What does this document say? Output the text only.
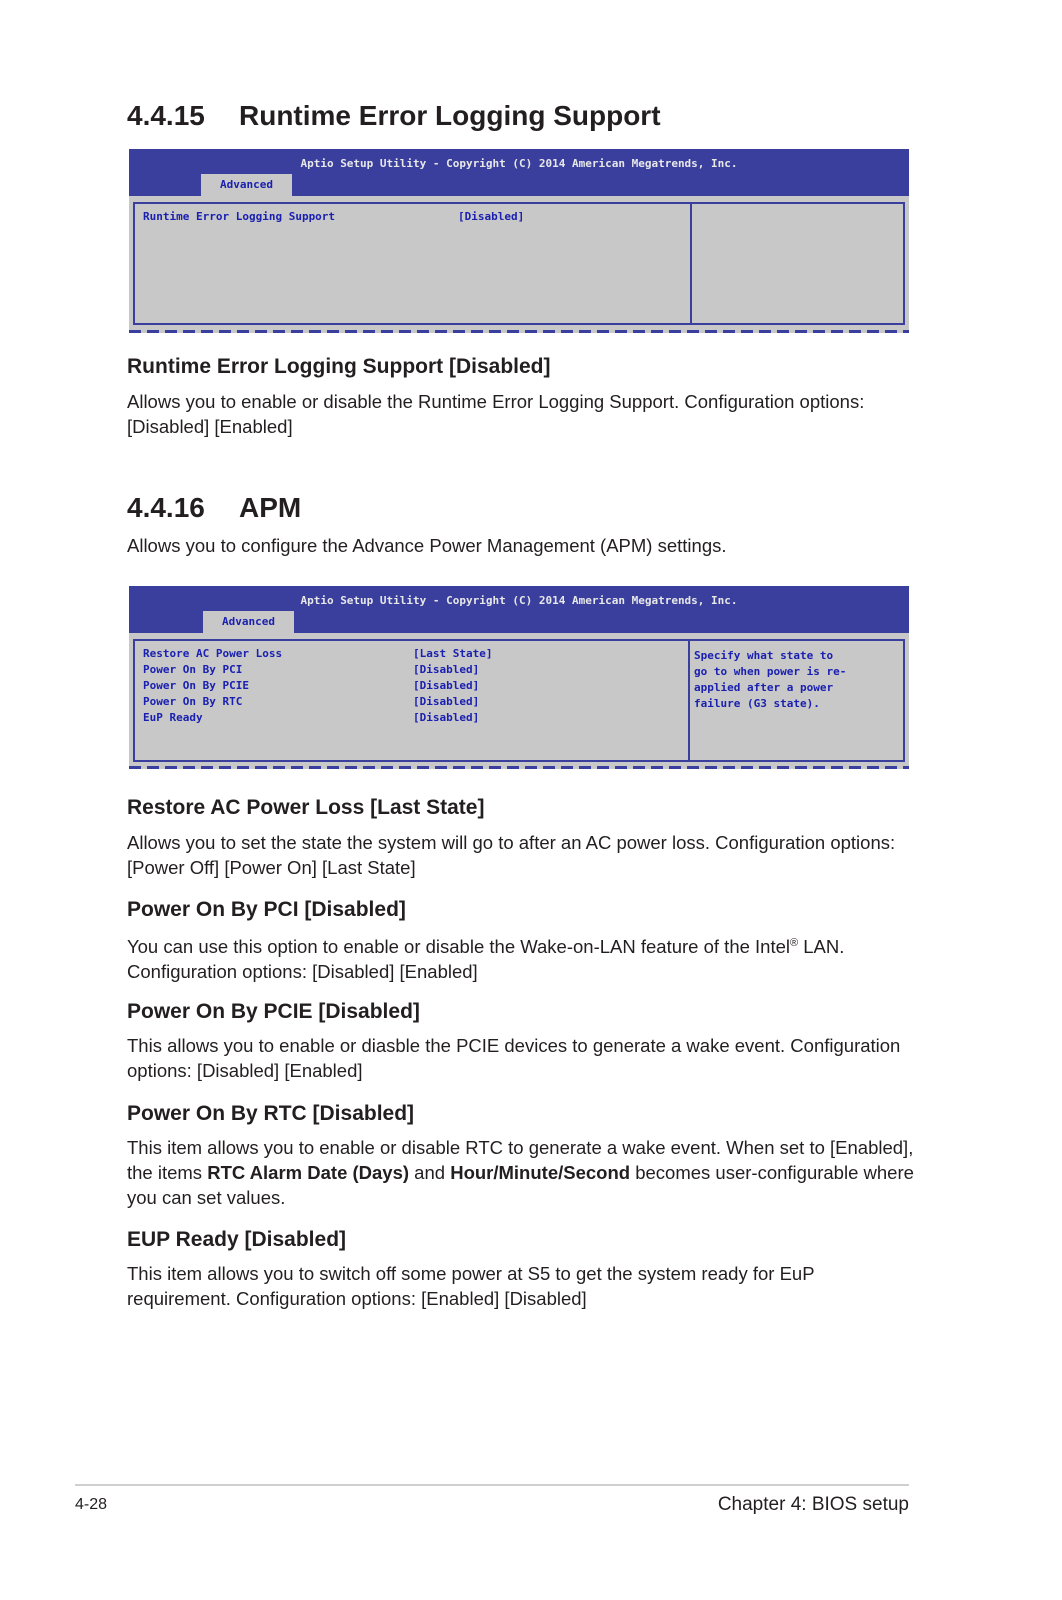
4.4.15 Runtime Error Logging Support
Aptio Setup Utility - Copyright (C) 2014 American Megatrends, Inc.
Advanced
Runtime Error Logging Support	[Disabled]
Runtime Error Logging Support [Disabled]

Allows you to enable or disable the Runtime Error Logging Support. Configuration options: [Disabled] [Enabled]

4.4.16 APM

Allows you to configure the Advance Power Management (APM) settings.

Aptio Setup Utility - Copyright (C) 2014 American Megatrends, Inc.
Advanced
Restore AC Power Loss	[Last State]
Power On By PCI	[Disabled]
Power On By PCIE	[Disabled]
Power On By RTC	[Disabled]
EuP Ready	[Disabled]
Specify what state to
go to when power is re-
applied after a power
failure (G3 state).
Restore AC Power Loss [Last State]

Allows you to set the state the system will go to after an AC power loss. Configuration options: [Power Off] [Power On] [Last State]

Power On By PCI [Disabled]

You can use this option to enable or disable the Wake-on-LAN feature of the Intel® LAN. Configuration options: [Disabled] [Enabled]

Power On By PCIE [Disabled]

This allows you to enable or diasble the PCIE devices to generate a wake event. Configuration options: [Disabled] [Enabled]

Power On By RTC [Disabled]

This item allows you to enable or disable RTC to generate a wake event. When set to [Enabled], the items RTC Alarm Date (Days) and Hour/Minute/Second becomes user-configurable where you can set values.

EUP Ready [Disabled]

This item allows you to switch off some power at S5 to get the system ready for EuP requirement. Configuration options: [Enabled] [Disabled]

4-28	Chapter 4: BIOS setup
